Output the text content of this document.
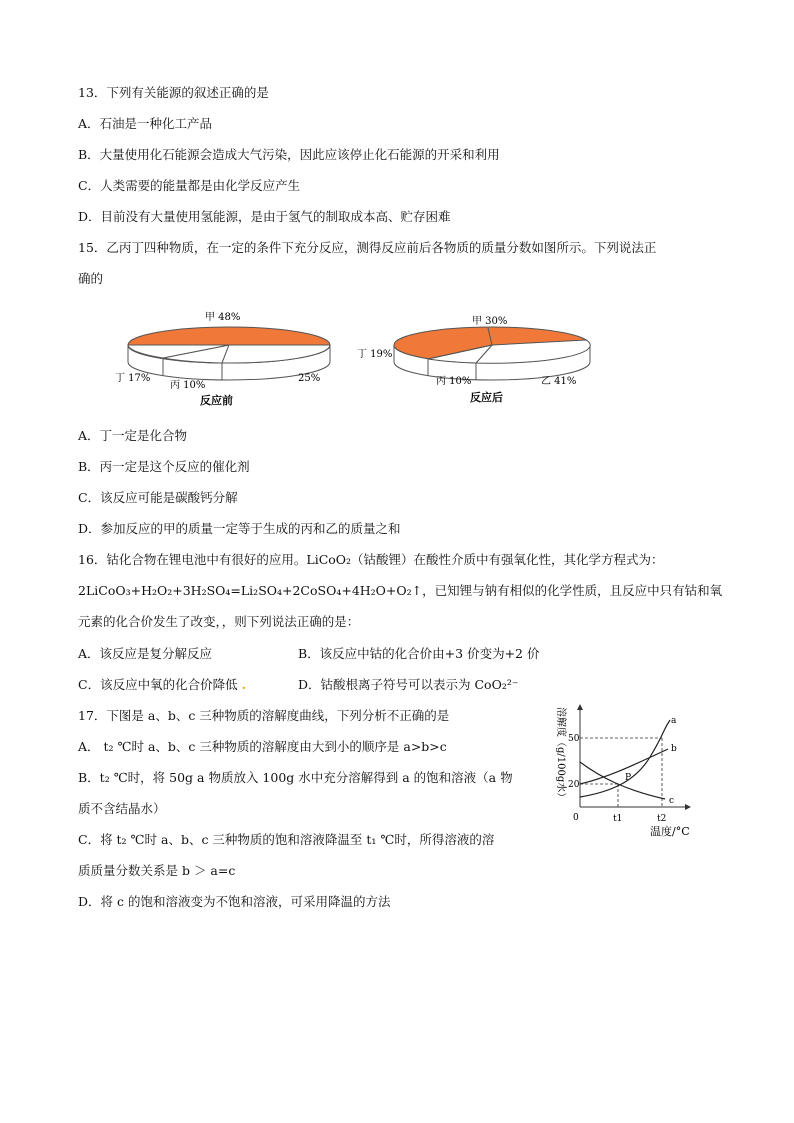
13．下列有关能源的叙述正确的是
A．石油是一种化工产品
B．大量使用化石能源会造成大气污染，因此应该停止化石能源的开采和利用
C．人类需要的能量都是由化学反应产生
D．目前没有大量使用氢能源，是由于氢气的制取成本高、贮存困难
15．乙丙丁四种物质，在一定的条件下充分反应，测得反应前后各物质的质量分数如图所示。下列说法正
确的
甲 48%
丁 17%
丙 10%
25%
反应前
甲 30%
丁 19%
丙 10%	乙 41%
反应后
A．丁一定是化合物
B．丙一定是这个反应的催化剂
C．该反应可能是碳酸钙分解
D．参加反应的甲的质量一定等于生成的丙和乙的质量之和
16．钴化合物在锂电池中有很好的应用。LiCoO₂（钴酸锂）在酸性介质中有强氧化性，其化学方程式为：
2LiCoO₃+H₂O₂+3H₂SO₄=Li₂SO₄+2CoSO₄+4H₂O+O₂↑，已知锂与钠有相似的化学性质，且反应中只有钴和氧
元素的化合价发生了改变，，则下列说法正确的是：
A．该反应是复分解反应	B．该反应中钴的化合价由+3 价变为+2 价
C．该反应中氧的化合价降低 .	D．钴酸根离子符号可以表示为 CoO₂²⁻
17．下图是 a、b、c 三种物质的溶解度曲线，下列分析不正确的是
A． t₂ ℃时 a、b、c 三种物质的溶解度由大到小的顺序是 a>b>c
B．t₂ ℃时，将 50g a 物质放入 100g 水中充分溶解得到 a 的饱和溶液（a 物
质不含结晶水）
C．将 t₂ ℃时 a、b、c 三种物质的饱和溶液降温至 t₁ ℃时，所得溶液的溶
质质量分数关系是 b ＞ a=c
D．将 c 的饱和溶液变为不饱和溶液，可采用降温的方法
溶解度（g/100g水） 50
20
0	t1	t2
a
b
c
P
温度/°C
